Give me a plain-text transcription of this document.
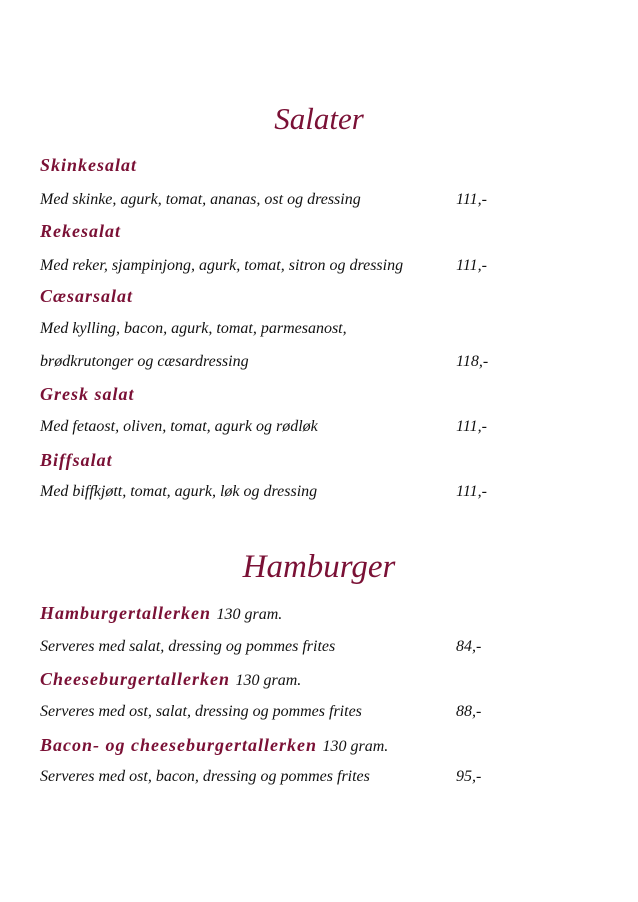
Salater
Skinkesalat
Med skinke, agurk, tomat, ananas, ost og dressing	111,-
Rekesalat
Med reker, sjampinjong, agurk, tomat, sitron og dressing	111,-
Cæsarsalat
Med kylling, bacon, agurk, tomat, parmesanost,
brødkrutonger og cæsardressing	118,-
Gresk salat
Med fetaost, oliven, tomat, agurk og rødløk	111,-
Biffsalat
Med biffkjøtt, tomat, agurk, løk og dressing	111,-
Hamburger
Hamburgertallerken 130 gram.
Serveres med salat, dressing og pommes frites	84,-
Cheeseburgertallerken 130 gram.
Serveres med ost, salat, dressing og pommes frites	88,-
Bacon- og cheeseburgertallerken 130 gram.
Serveres med ost, bacon, dressing og pommes frites	95,-
